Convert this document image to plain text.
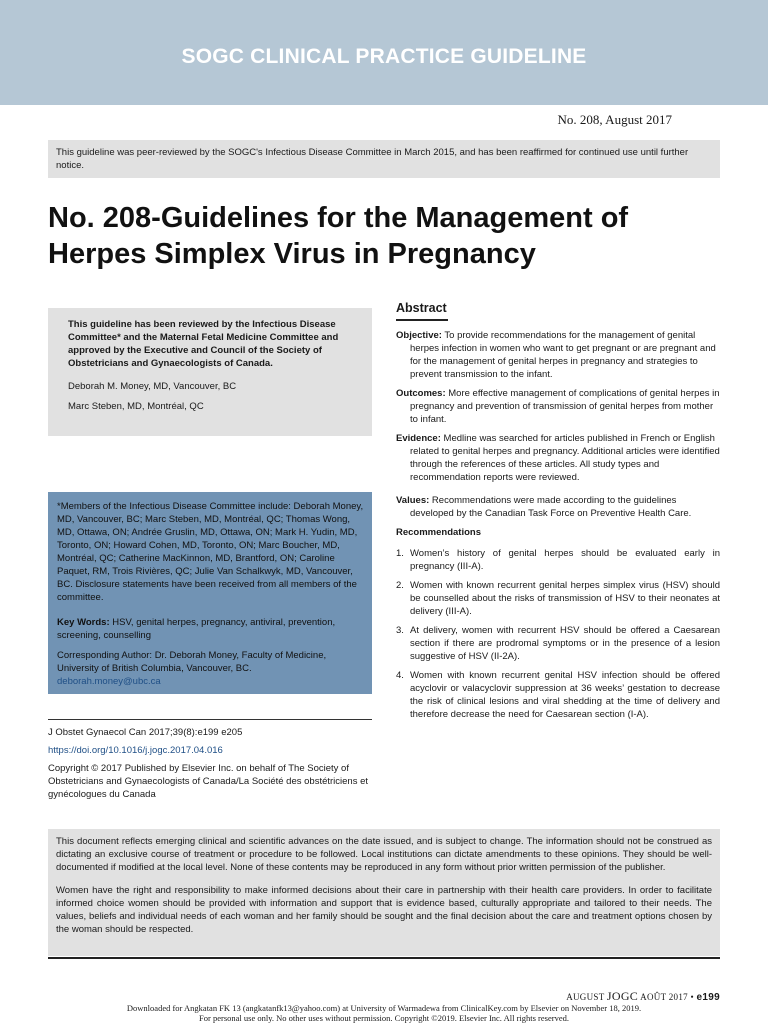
SOGC CLINICAL PRACTICE GUIDELINE
No. 208, August 2017
This guideline was peer-reviewed by the SOGC's Infectious Disease Committee in March 2015, and has been reaffirmed for continued use until further notice.
No. 208-Guidelines for the Management of
Herpes Simplex Virus in Pregnancy

This guideline has been reviewed by the Infectious Disease Committee* and the Maternal Fetal Medicine Committee and approved by the Executive and Council of the Society of Obstetricians and Gynaecologists of Canada.

Deborah M. Money, MD, Vancouver, BC

Marc Steben, MD, Montréal, QC

*Members of the Infectious Disease Committee include: Deborah Money, MD, Vancouver, BC; Marc Steben, MD, Montréal, QC; Thomas Wong, MD, Ottawa, ON; Andrée Gruslin, MD, Ottawa, ON; Mark H. Yudin, MD, Toronto, ON; Howard Cohen, MD, Toronto, ON; Marc Boucher, MD, Montréal, QC; Catherine MacKinnon, MD, Brantford, ON; Caroline Paquet, RM, Trois Rivières, QC; Julie Van Schalkwyk, MD, Vancouver, BC. Disclosure statements have been received from all members of the committee.

Key Words: HSV, genital herpes, pregnancy, antiviral, prevention, screening, counselling

Corresponding Author: Dr. Deborah Money, Faculty of Medicine, University of British Columbia, Vancouver, BC.
deborah.money@ubc.ca

J Obstet Gynaecol Can 2017;39(8):e199 e205

https://doi.org/10.1016/j.jogc.2017.04.016

Copyright © 2017 Published by Elsevier Inc. on behalf of The Society of Obstetricians and Gynaecologists of Canada/La Société des obstétriciens et gynécologues du Canada

Abstract

Objective: To provide recommendations for the management of genital herpes infection in women who want to get pregnant or are pregnant and for the management of genital herpes in pregnancy and strategies to prevent transmission to the infant.

Outcomes: More effective management of complications of genital herpes in pregnancy and prevention of transmission of genital herpes from mother to infant.

Evidence: Medline was searched for articles published in French or English related to genital herpes and pregnancy. Additional articles were identified through the references of these articles. All study types and recommendation reports were reviewed.

Values: Recommendations were made according to the guidelines developed by the Canadian Task Force on Preventive Health Care.

Recommendations

1. Women’s history of genital herpes should be evaluated early in pregnancy (III-A).
2. Women with known recurrent genital herpes simplex virus (HSV) should be counselled about the risks of transmission of HSV to their neonates at delivery (III-A).
3. At delivery, women with recurrent HSV should be offered a Caesarean section if there are prodromal symptoms or in the presence of a lesion suggestive of HSV (II-2A).
4. Women with known recurrent genital HSV infection should be offered acyclovir or valacyclovir suppression at 36 weeks’ gestation to decrease the risk of clinical lesions and viral shedding at the time of delivery and therefore decrease the need for Caesarean section (I-A).

This document reflects emerging clinical and scientific advances on the date issued, and is subject to change. The information should not be construed as dictating an exclusive course of treatment or procedure to be followed. Local institutions can dictate amendments to these opinions. They should be well-documented if modified at the local level. None of these contents may be reproduced in any form without prior written permission of the publisher.

Women have the right and responsibility to make informed decisions about their care in partnership with their health care providers. In order to facilitate informed choice women should be provided with information and support that is evidence based, culturally appropriate and tailored to their needs. The values, beliefs and individual needs of each woman and her family should be sought and the final decision about the care and treatment options chosen by the woman should be respected.

AUGUST JOGC AOÛT 2017 • e199
Downloaded for Angkatan FK 13 (angkatanfk13@yahoo.com) at University of Warmadewa from ClinicalKey.com by Elsevier on November 18, 2019.
For personal use only. No other uses without permission. Copyright ©2019. Elsevier Inc. All rights reserved.
